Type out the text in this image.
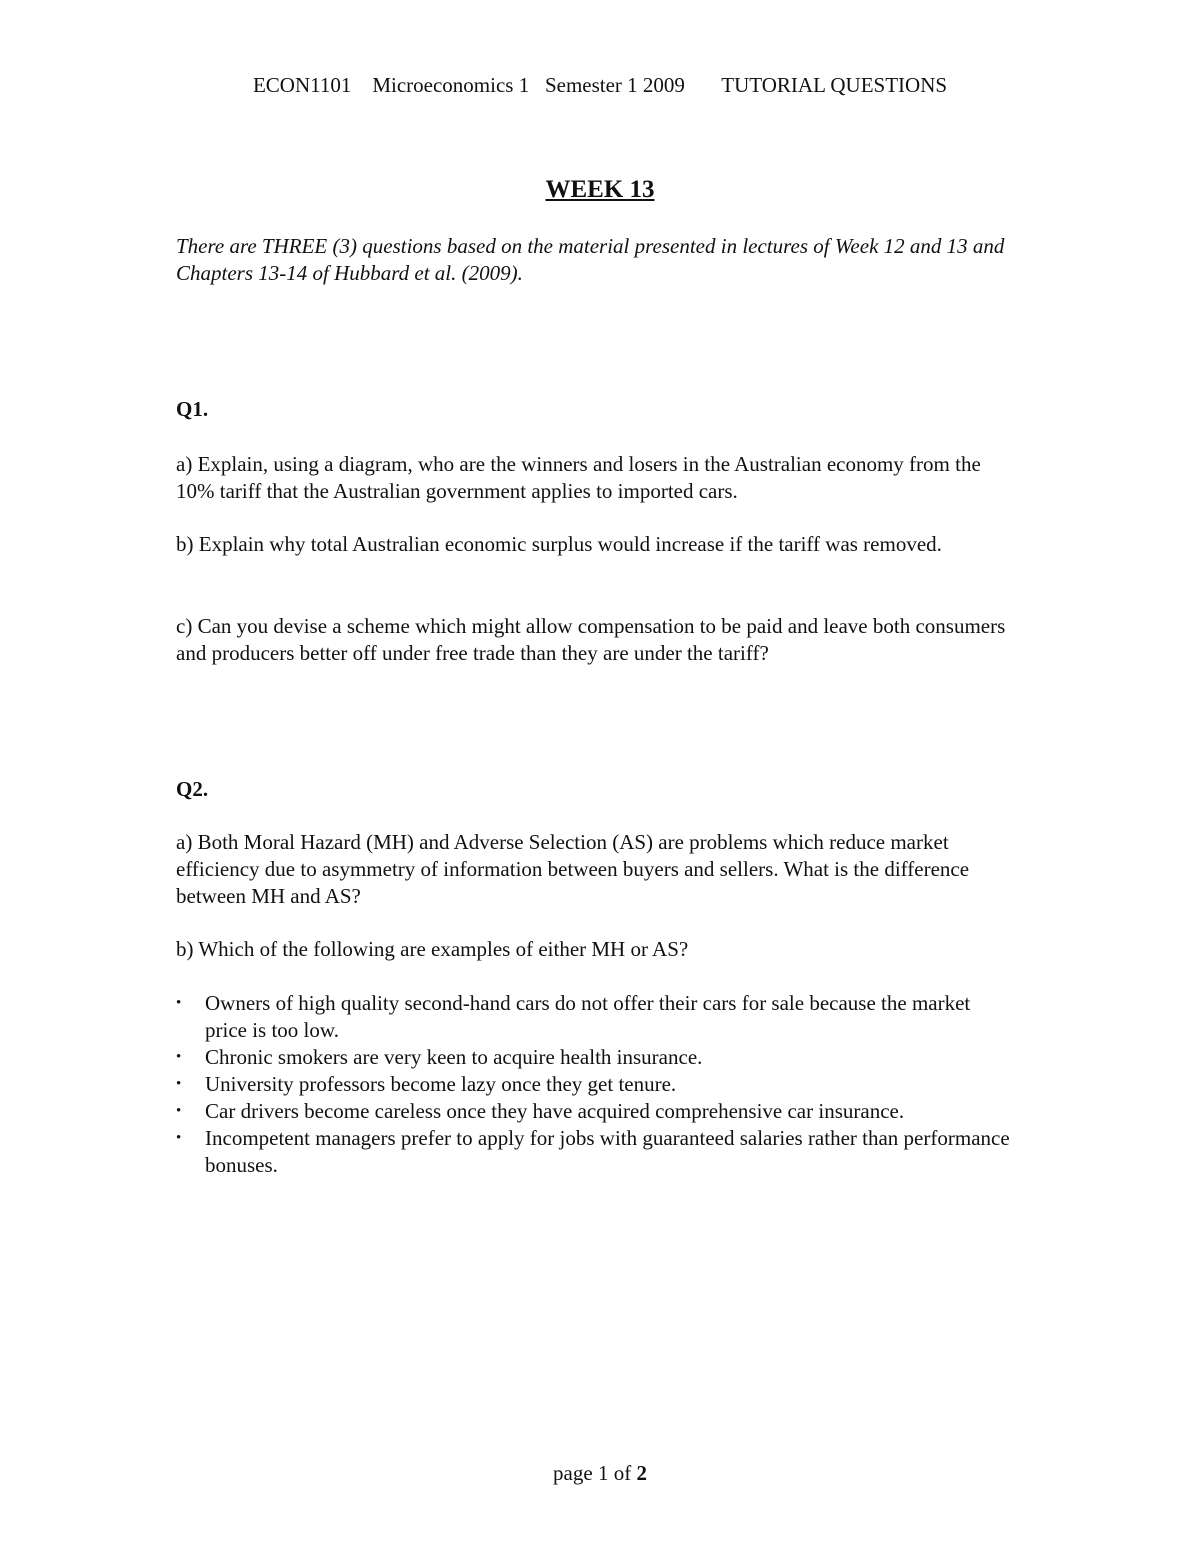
ECON1101    Microeconomics 1   Semester 1 2009       TUTORIAL QUESTIONS
WEEK 13
There are THREE (3) questions based on the material presented in lectures of Week 12 and 13 and Chapters 13-14 of Hubbard et al. (2009).
Q1.
a) Explain, using a diagram, who are the winners and losers in the Australian economy from the 10% tariff that the Australian government applies to imported cars.
b) Explain why total Australian economic surplus would increase if the tariff was removed.
c) Can you devise a scheme which might allow compensation to be paid and leave both consumers and producers better off under free trade than they are under the tariff?
Q2.
a) Both Moral Hazard (MH) and Adverse Selection (AS) are problems which reduce market efficiency due to asymmetry of information between buyers and sellers. What is the difference between MH and AS?
b) Which of the following are examples of either MH or AS?
•	Owners of high quality second-hand cars do not offer their cars for sale because the market price is too low.
•	Chronic smokers are very keen to acquire health insurance.
•	University professors become lazy once they get tenure.
•	Car drivers become careless once they have acquired comprehensive car insurance.
•	Incompetent managers prefer to apply for jobs with guaranteed salaries rather than performance bonuses.
page 1 of 2
